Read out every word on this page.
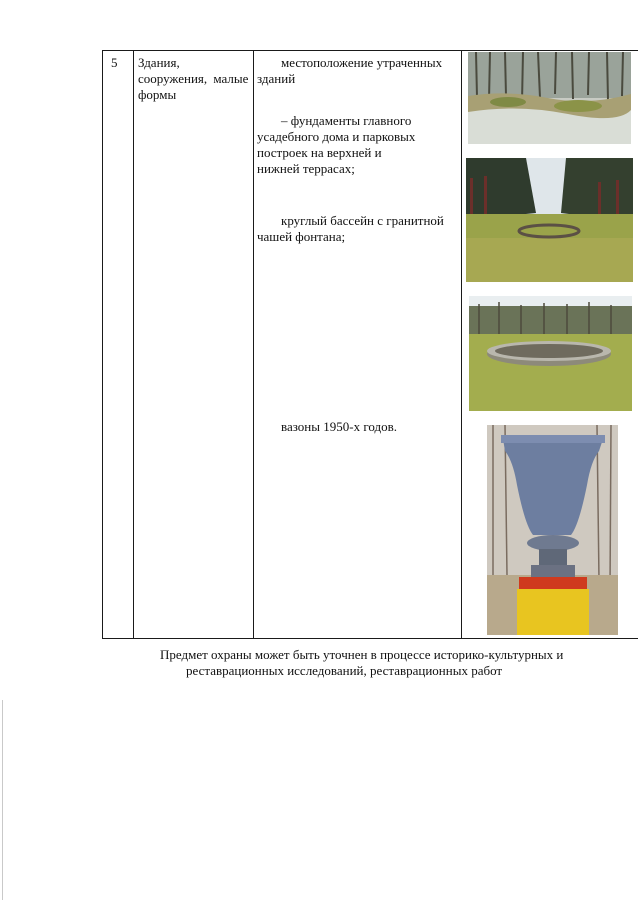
5 Здания,
сооружения, малые
формы
местоположение утраченных зданий
– фундаменты главного усадебного дома и парковых построек на верхней и нижней террасах;
круглый бассейн с гранитной чашей фонтана;
вазоны 1950-х годов.
Предмет охраны может быть уточнен в процессе историко-культурных и
реставрационных исследований, реставрационных работ
